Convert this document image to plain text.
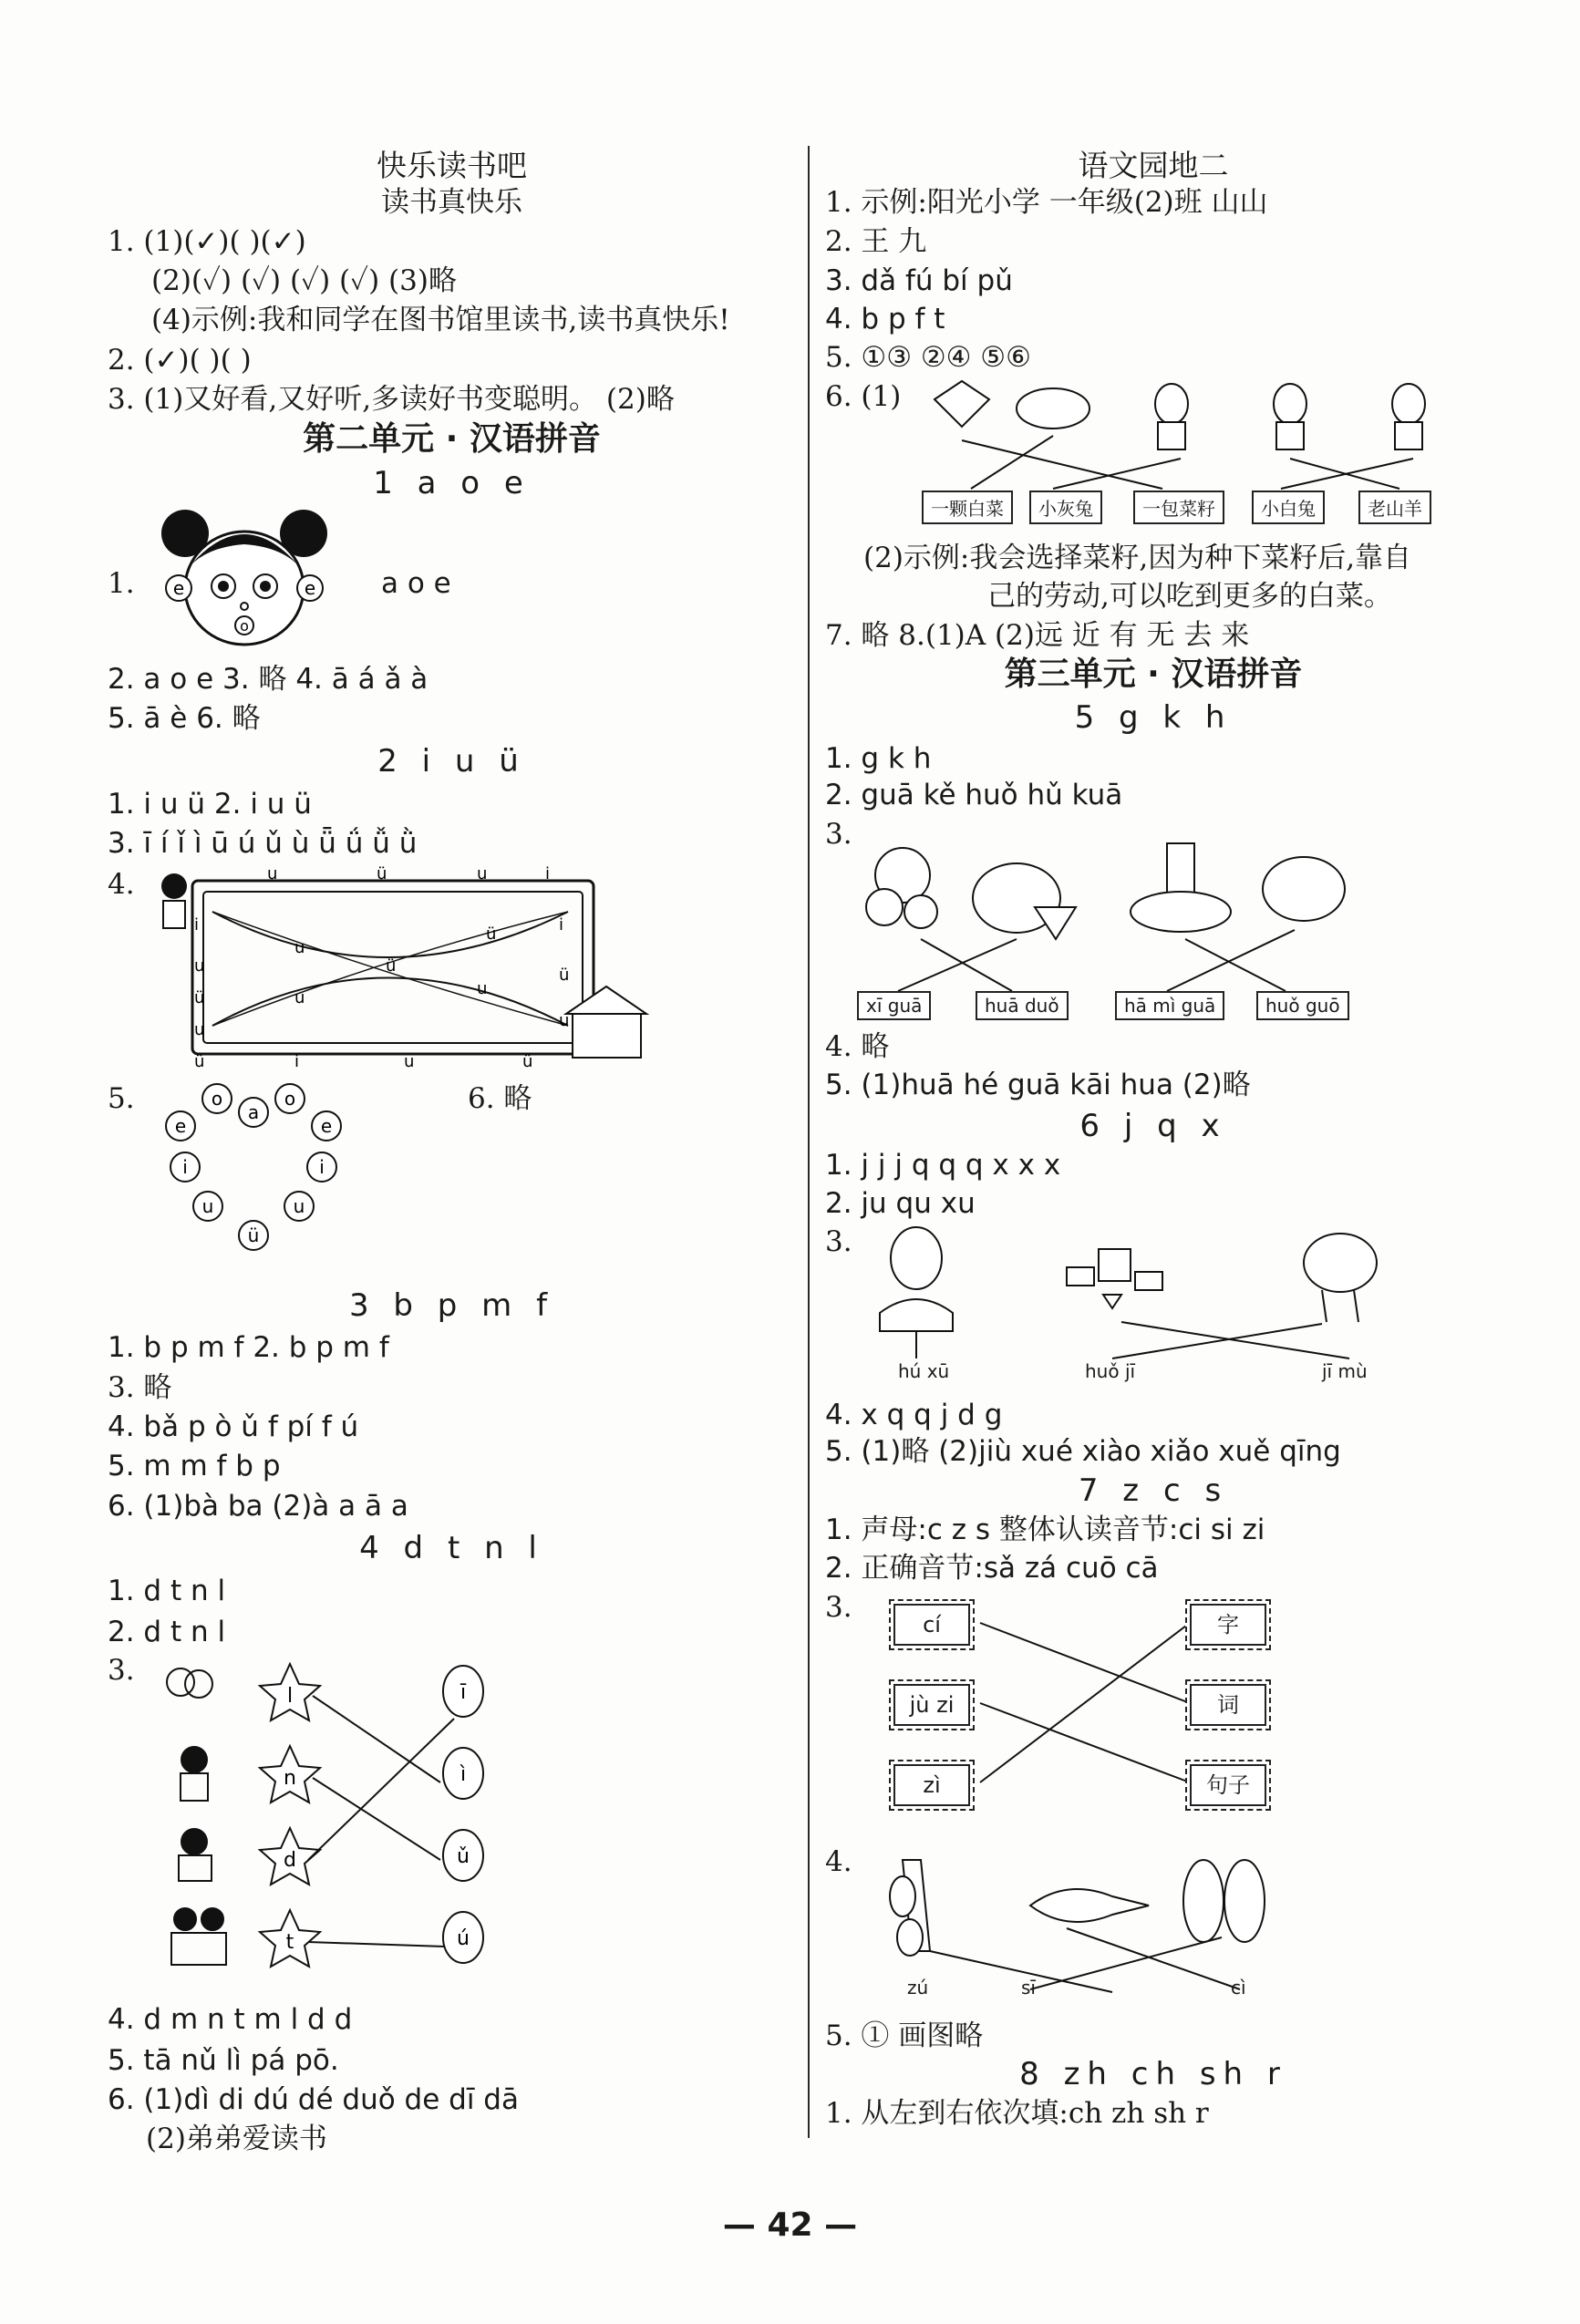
快乐读书吧
读书真快乐
1. (1)(✓)( )(✓)
(2)(✓) (✓) (✓) (✓) (3)略
(4)示例:我和同学在图书馆里读书,读书真快乐!
2. (✓)( )( )
3. (1)又好看,又好听,多读好书变聪明。 (2)略
第二单元 · 汉语拼音
1 a o e
1. e	e
o
a o e
2. a o e 3. 略 4. ā á ǎ à
5. ā è 6. 略
2 i u ü
1. i u ü 2. i u ü
3. ī í ǐ ì ū ú ǔ ù ǖ ǘ ǚ ǜ
4.	u	ü	u	i
i
u
ü
u
u
ü
ü
u	u
i
ü	i	u	ü
ü
u
5.	o
a
o
e	e
i	i
u	u
ü
6. 略
3 b p m f
1. b p m f 2. b p m f
3. 略
4. bǎ p ò ǔ f pí f ú
5. m m f b p
6. (1)bà ba (2)à a ā a
4 d t n l
1. d t n l
2. d t n l
3.
l
n
d
t
ī
ì
ǔ
ú
4. d m n t m l d d
5. tā nǔ lì pá pō.
6. (1)dì di dú dé duǒ de dī dā
(2)弟弟爱读书
语文园地二
1. 示例:阳光小学 一年级(2)班 山山
2. 王 九
3. dǎ fú bí pǔ
4. b p f t
5. ①③ ②④ ⑤⑥
6. (1)
一颗白菜	小灰兔	一包菜籽	小白兔	老山羊
(2)示例:我会选择菜籽,因为种下菜籽后,靠自
己的劳动,可以吃到更多的白菜。
7. 略 8.(1)A (2)远 近 有 无 去 来
第三单元 · 汉语拼音
5 g k h
1. g k h
2. guā kě huǒ hǔ kuā
3.
xī guā	huā duǒ	hā mì guā	huǒ guō
4. 略
5. (1)huā hé guā kāi hua (2)略
6 j q x
1. j j j q q q x x x
2. ju qu xu
3.
hú xū	huǒ jī	jī mù
4. x q q j d g
5. (1)略 (2)jiù xué xiào xiǎo xuě qīng
7 z c s
1. 声母:c z s 整体认读音节:ci si zi
2. 正确音节:sǎ zá cuō cā
3.
cí
jù zi
zì
字
词
句子
4.
zú	sī	cì
5. ① 画图略
8 zh ch sh r
1. 从左到右依次填:ch zh sh r
— 42 —
